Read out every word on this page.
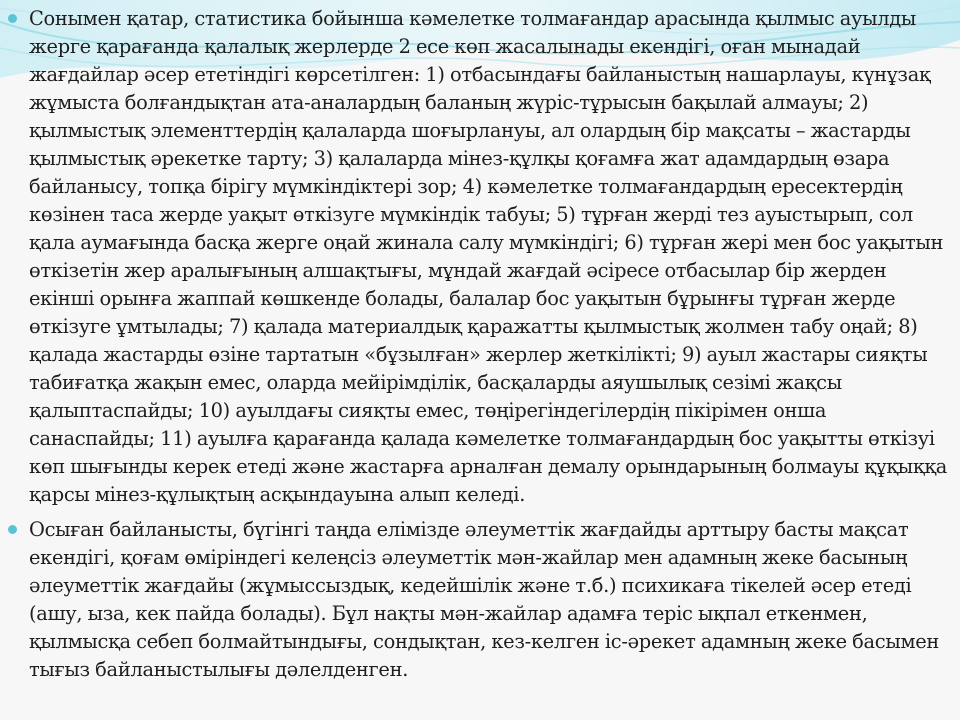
Сонымен қатар, статистика бойынша кәмелетке толмағандар арасында қылмыс ауылды жерге қарағанда қалалық жерлерде 2 есе көп жасалынады екендігі, оған мынадай жағдайлар әсер ететіндігі көрсетілген: 1) отбасындағы байланыстың нашарлауы, күнұзақ жұмыста болғандықтан ата-аналардың баланың жүріс-тұрысын бақылай алмауы; 2) қылмыстық элементтердің қалаларда шоғырлануы, ал олардың бір мақсаты – жастарды қылмыстық әрекетке тарту; 3) қалаларда мінез-құлқы қоғамға жат адамдардың өзара байланысу, топқа бірігу мүмкіндіктері зор; 4) кәмелетке толмағандардың ересектердің көзінен таса жерде уақыт өткізуге мүмкіндік табуы; 5) тұрған жерді тез ауыстырып, сол қала аумағында басқа жерге оңай жинала салу мүмкіндігі; 6) тұрған жері мен бос уақытын өткізетін жер аралығының алшақтығы, мұндай жағдай әсіресе отбасылар бір жерден екінші орынға жаппай көшкенде болады, балалар бос уақытын бұрынғы тұрған жерде өткізуге ұмтылады; 7) қалада материалдық қаражатты қылмыстық жолмен табу оңай; 8) қалада жастарды өзіне тартатын «бұзылған» жерлер жеткілікті; 9) ауыл жастары сияқты табиғатқа жақын емес, оларда мейірімділік, басқаларды аяушылық сезімі жақсы қалыптаспайды; 10) ауылдағы сияқты емес, төңірегіндегілердің пікірімен онша санаспайды; 11) ауылға қарағанда қалада кәмелетке толмағандардың бос уақытты өткізуі көп шығынды керек етеді және жастарға арналған демалу орындарының болмауы құқыққа қарсы мінез-құлықтың асқындауына алып келеді.
Осыған байланысты, бүгінгі таңда елімізде әлеуметтік жағдайды арттыру басты мақсат екендігі, қоғам өміріндегі келеңсіз әлеуметтік мән-жайлар мен адамның жеке басының әлеуметтік жағдайы (жұмыссыздық, кедейшілік және т.б.) психикаға тікелей әсер етеді (ашу, ыза, кек пайда болады). Бұл нақты мән-жайлар адамға теріс ықпал еткенмен, қылмысқа себеп болмайтындығы, сондықтан, кез-келген іс-әрекет адамның жеке басымен тығыз байланыстылығы дәлелденген.
